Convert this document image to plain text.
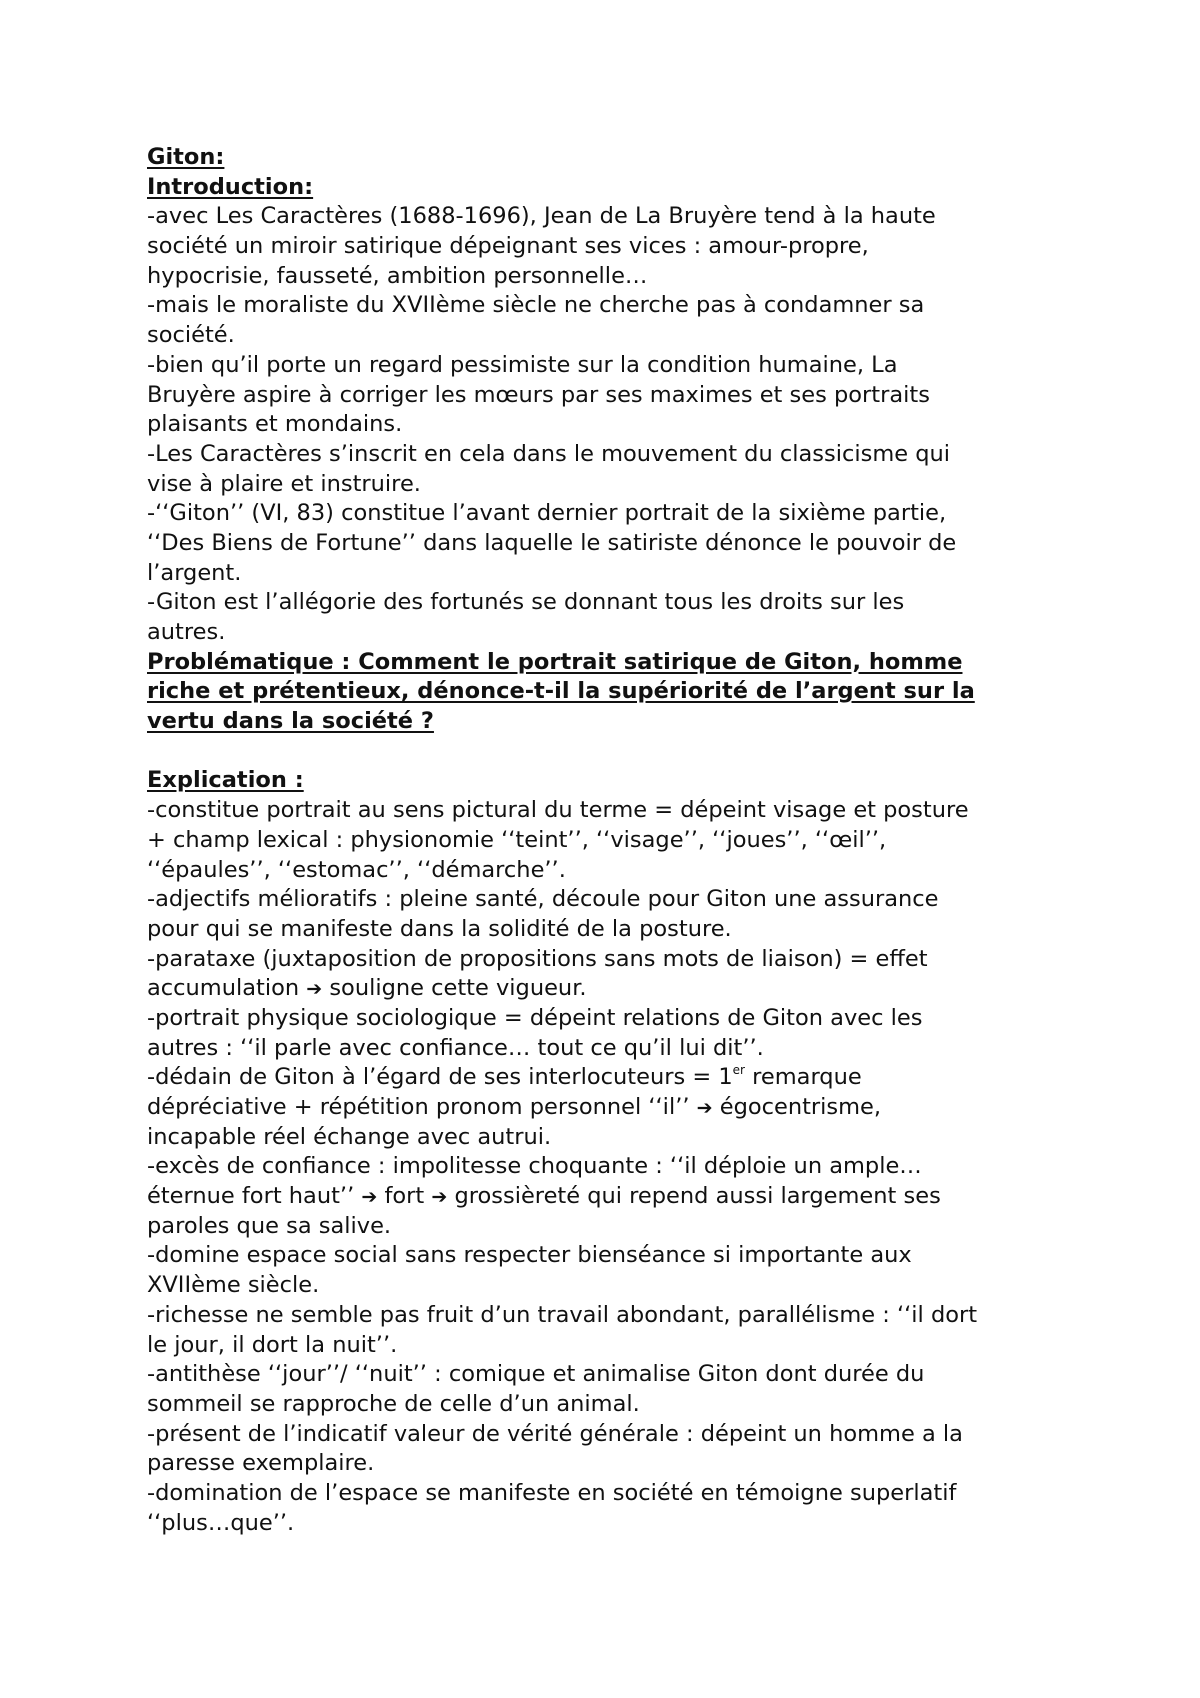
Giton:
Introduction:
-avec Les Caractères (1688-1696), Jean de La Bruyère tend à la haute
société un miroir satirique dépeignant ses vices : amour-propre,
hypocrisie, fausseté, ambition personnelle…
-mais le moraliste du XVIIème siècle ne cherche pas à condamner sa
société.
-bien qu’il porte un regard pessimiste sur la condition humaine, La
Bruyère aspire à corriger les mœurs par ses maximes et ses portraits
plaisants et mondains.
-Les Caractères s’inscrit en cela dans le mouvement du classicisme qui
vise à plaire et instruire.
-‘‘Giton’’ (VI, 83) constitue l’avant dernier portrait de la sixième partie,
‘‘Des Biens de Fortune’’ dans laquelle le satiriste dénonce le pouvoir de
l’argent.
-Giton est l’allégorie des fortunés se donnant tous les droits sur les
autres.
Problématique : Comment le portrait satirique de Giton, homme
riche et prétentieux, dénonce-t-il la supériorité de l’argent sur la
vertu dans la société ?
Explication :
-constitue portrait au sens pictural du terme = dépeint visage et posture
+ champ lexical : physionomie ‘‘teint’’, ‘‘visage’’, ‘‘joues’’, ‘‘œil’’,
‘‘épaules’’, ‘‘estomac’’, ‘‘démarche’’.
-adjectifs mélioratifs : pleine santé, découle pour Giton une assurance
pour qui se manifeste dans la solidité de la posture.
-parataxe (juxtaposition de propositions sans mots de liaison) = effet
accumulation ➔ souligne cette vigueur.
-portrait physique sociologique = dépeint relations de Giton avec les
autres : ‘‘il parle avec confiance… tout ce qu’il lui dit’’.
-dédain de Giton à l’égard de ses interlocuteurs = 1er remarque
dépréciative + répétition pronom personnel ‘‘il’’ ➔ égocentrisme,
incapable réel échange avec autrui.
-excès de confiance : impolitesse choquante : ‘‘il déploie un ample…
éternue fort haut’’ ➔ fort ➔ grossièreté qui repend aussi largement ses
paroles que sa salive.
-domine espace social sans respecter bienséance si importante aux
XVIIème siècle.
-richesse ne semble pas fruit d’un travail abondant, parallélisme : ‘‘il dort
le jour, il dort la nuit’’.
-antithèse ‘‘jour’’/ ‘‘nuit’’ : comique et animalise Giton dont durée du
sommeil se rapproche de celle d’un animal.
-présent de l’indicatif valeur de vérité générale : dépeint un homme a la
paresse exemplaire.
-domination de l’espace se manifeste en société en témoigne superlatif
‘‘plus…que’’.
